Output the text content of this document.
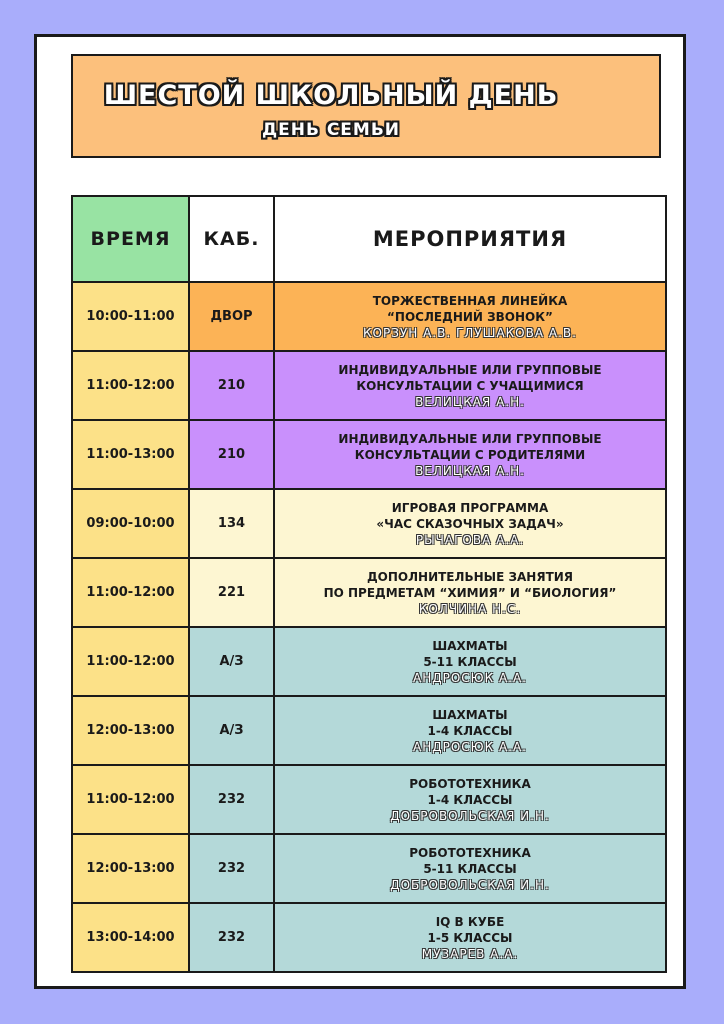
ШЕСТОЙ ШКОЛЬНЫЙ ДЕНЬ
ДЕНЬ СЕМЬИ
ВРЕМЯ	КАБ.	МЕРОПРИЯТИЯ
10:00-11:00	ДВОР	ТОРЖЕСТВЕННАЯ ЛИНЕЙКА
“ПОСЛЕДНИЙ ЗВОНОК”
КОРЗУН А.В. ГЛУШАКОВА А.В.

11:00-12:00	210	ИНДИВИДУАЛЬНЫЕ ИЛИ ГРУППОВЫЕ
КОНСУЛЬТАЦИИ С УЧАЩИМИСЯ
ВЕЛИЦКАЯ А.Н.

11:00-13:00	210	ИНДИВИДУАЛЬНЫЕ ИЛИ ГРУППОВЫЕ
КОНСУЛЬТАЦИИ С РОДИТЕЛЯМИ
ВЕЛИЦКАЯ А.Н.

09:00-10:00	134	ИГРОВАЯ ПРОГРАММА
«ЧАС СКАЗОЧНЫХ ЗАДАЧ»
РЫЧАГОВА А.А.

11:00-12:00	221	ДОПОЛНИТЕЛЬНЫЕ ЗАНЯТИЯ
ПО ПРЕДМЕТАМ “ХИМИЯ” И “БИОЛОГИЯ”
КОЛЧИНА Н.С.

11:00-12:00	А/З	ШАХМАТЫ
5-11 КЛАССЫ
АНДРОСЮК А.А.

12:00-13:00	А/З	ШАХМАТЫ
1-4 КЛАССЫ
АНДРОСЮК А.А.

11:00-12:00	232	РОБОТОТЕХНИКА
1-4 КЛАССЫ
ДОБРОВОЛЬСКАЯ И.Н.

12:00-13:00	232	РОБОТОТЕХНИКА
5-11 КЛАССЫ
ДОБРОВОЛЬСКАЯ И.Н.

13:00-14:00	232	IQ В КУБЕ
1-5 КЛАССЫ
МУЗАРЕВ А.А.
